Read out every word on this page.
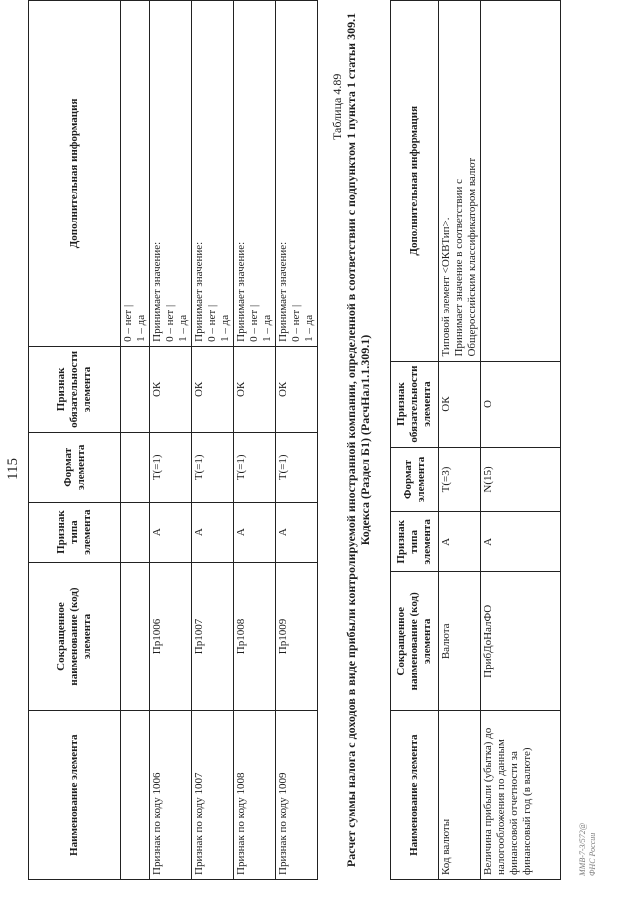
115
Наименование элемента	Сокращенное наименование (код) элемента	Признак типа элемента	Формат элемента	Признак обязательности элемента	Дополнительная информация

					0 – нет | 1 – да

Признак по коду 1006	Пр1006	А	T(=1)	ОК	Принимает значение: 0 – нет | 1 – да

Признак по коду 1007	Пр1007	А	T(=1)	ОК	Принимает значение: 0 – нет | 1 – да

Признак по коду 1008	Пр1008	А	T(=1)	ОК	Принимает значение: 0 – нет | 1 – да

Признак по коду 1009	Пр1009	А	T(=1)	ОК	Принимает значение: 0 – нет | 1 – да
Таблица 4.89 Расчет суммы налога с доходов в виде прибыли контролируемой иностранной компании, определенной в соответствии с подпунктом 1 пункта 1 статьи 309.1 Кодекса (Раздел Б1) (РасчНал1.1.309.1)
Наименование элемента	Сокращенное наименование (код) элемента	Признак типа элемента	Формат элемента	Признак обязательности элемента	Дополнительная информация
Код валюты	Валюта	А	T(=3)	ОК	Типовой элемент <ОКВТип>. Принимает значение в соответствии с Общероссийским классификатором валют

Величина прибыли (убытка) до налогообложения по данным финансовой отчетности за финансовый год (в валюте)	ПрибДоНалФО	А	N(15)	О	
ММВ-7-3/572@ ФНС России
